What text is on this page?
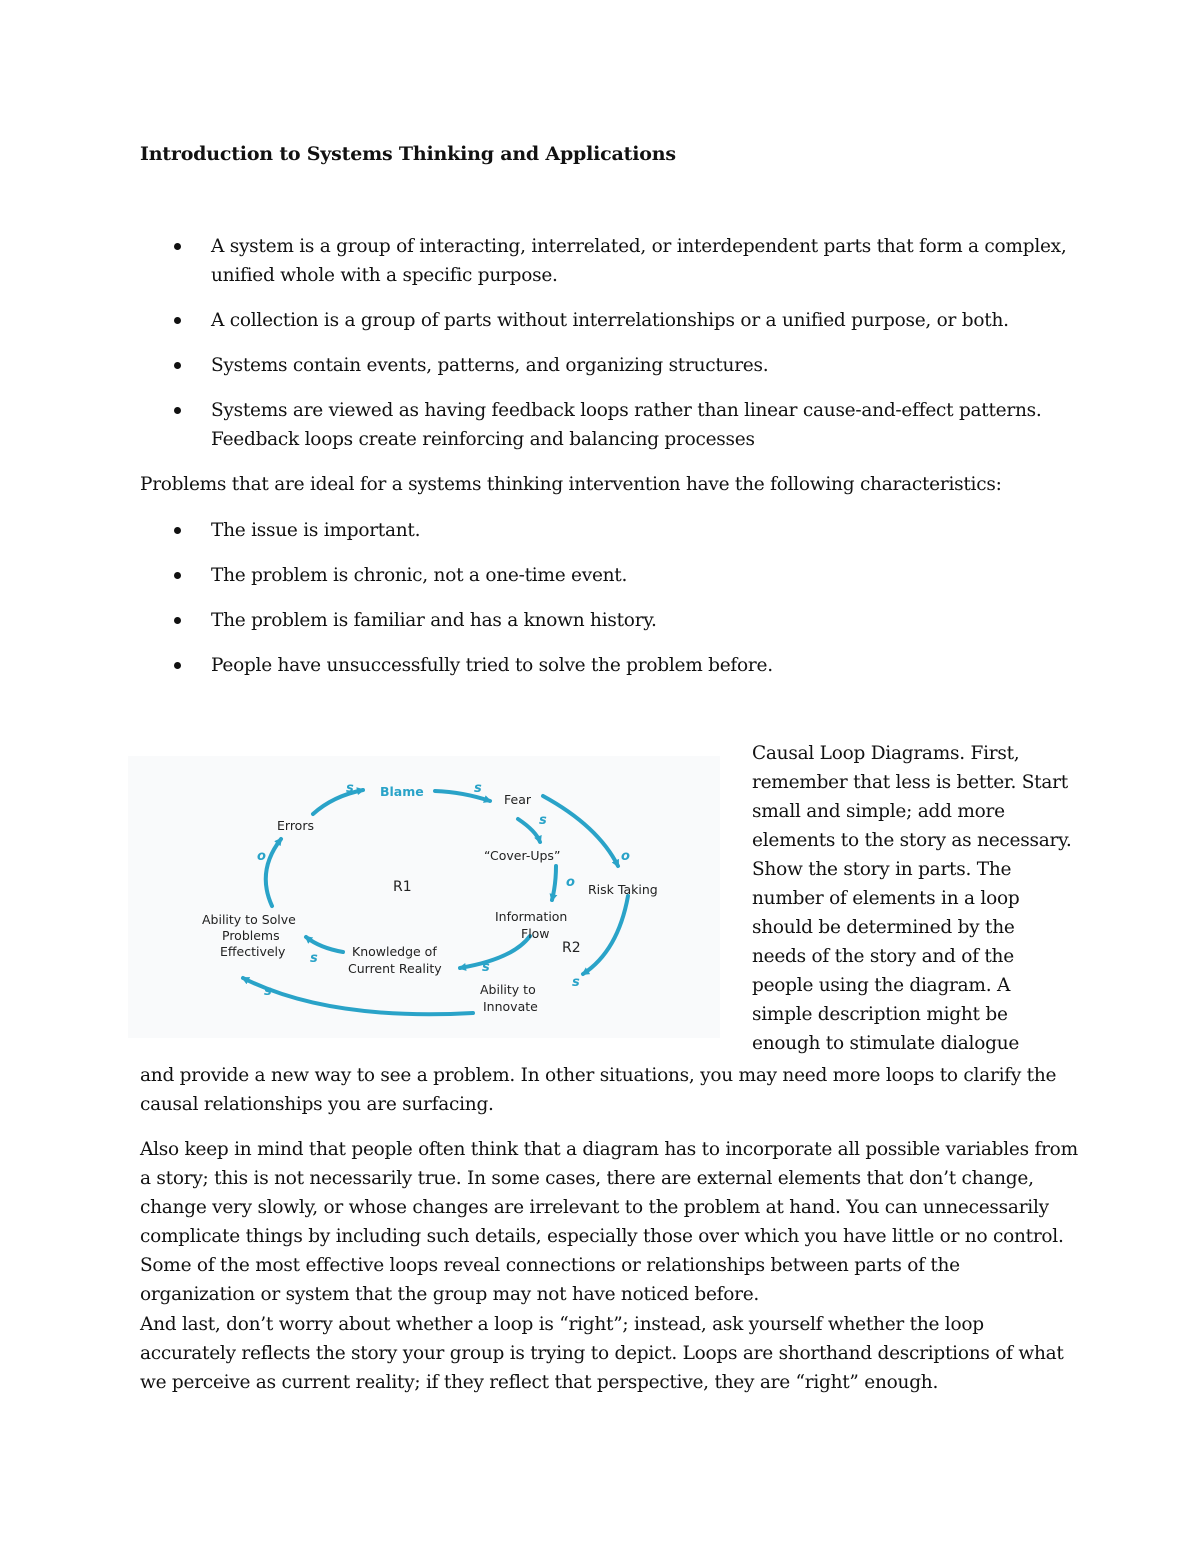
Introduction to Systems Thinking and Applications
A system is a group of interacting, interrelated, or interdependent parts that form a complex, unified whole with a specific purpose.
A collection is a group of parts without interrelationships or a unified purpose, or both.
Systems contain events, patterns, and organizing structures.
Systems are viewed as having feedback loops rather than linear cause-and-effect patterns. Feedback loops create reinforcing and balancing processes

Problems that are ideal for a systems thinking intervention have the following characteristics:

The issue is important.
The problem is chronic, not a one-time event.
The problem is familiar and has a known history.
People have unsuccessfully tried to solve the problem before.
Blame
Fear
Errors
“Cover-Ups”
Risk Taking
Information
Flow
Ability to Solve
Problems
Effectively	Knowledge of
Current Reality
Ability to
Innovate
R1
R2
s	s
s
o
o
o
s
s
s
s

Causal Loop Diagrams. First, remember that less is better. Start small and simple; add more elements to the story as necessary. Show the story in parts. The number of elements in a loop should be determined by the needs of the story and of the people using the diagram. A simple description might be enough to stimulate dialogue

and provide a new way to see a problem. In other situations, you may need more loops to clarify the causal relationships you are surfacing.

Also keep in mind that people often think that a diagram has to incorporate all possible variables from a story; this is not necessarily true. In some cases, there are external elements that don’t change, change very slowly, or whose changes are irrelevant to the problem at hand. You can unnecessarily complicate things by including such details, especially those over which you have little or no control. Some of the most effective loops reveal connections or relationships between parts of the organization or system that the group may not have noticed before.

And last, don’t worry about whether a loop is “right”; instead, ask yourself whether the loop accurately reflects the story your group is trying to depict. Loops are shorthand descriptions of what we perceive as current reality; if they reflect that perspective, they are “right” enough.
